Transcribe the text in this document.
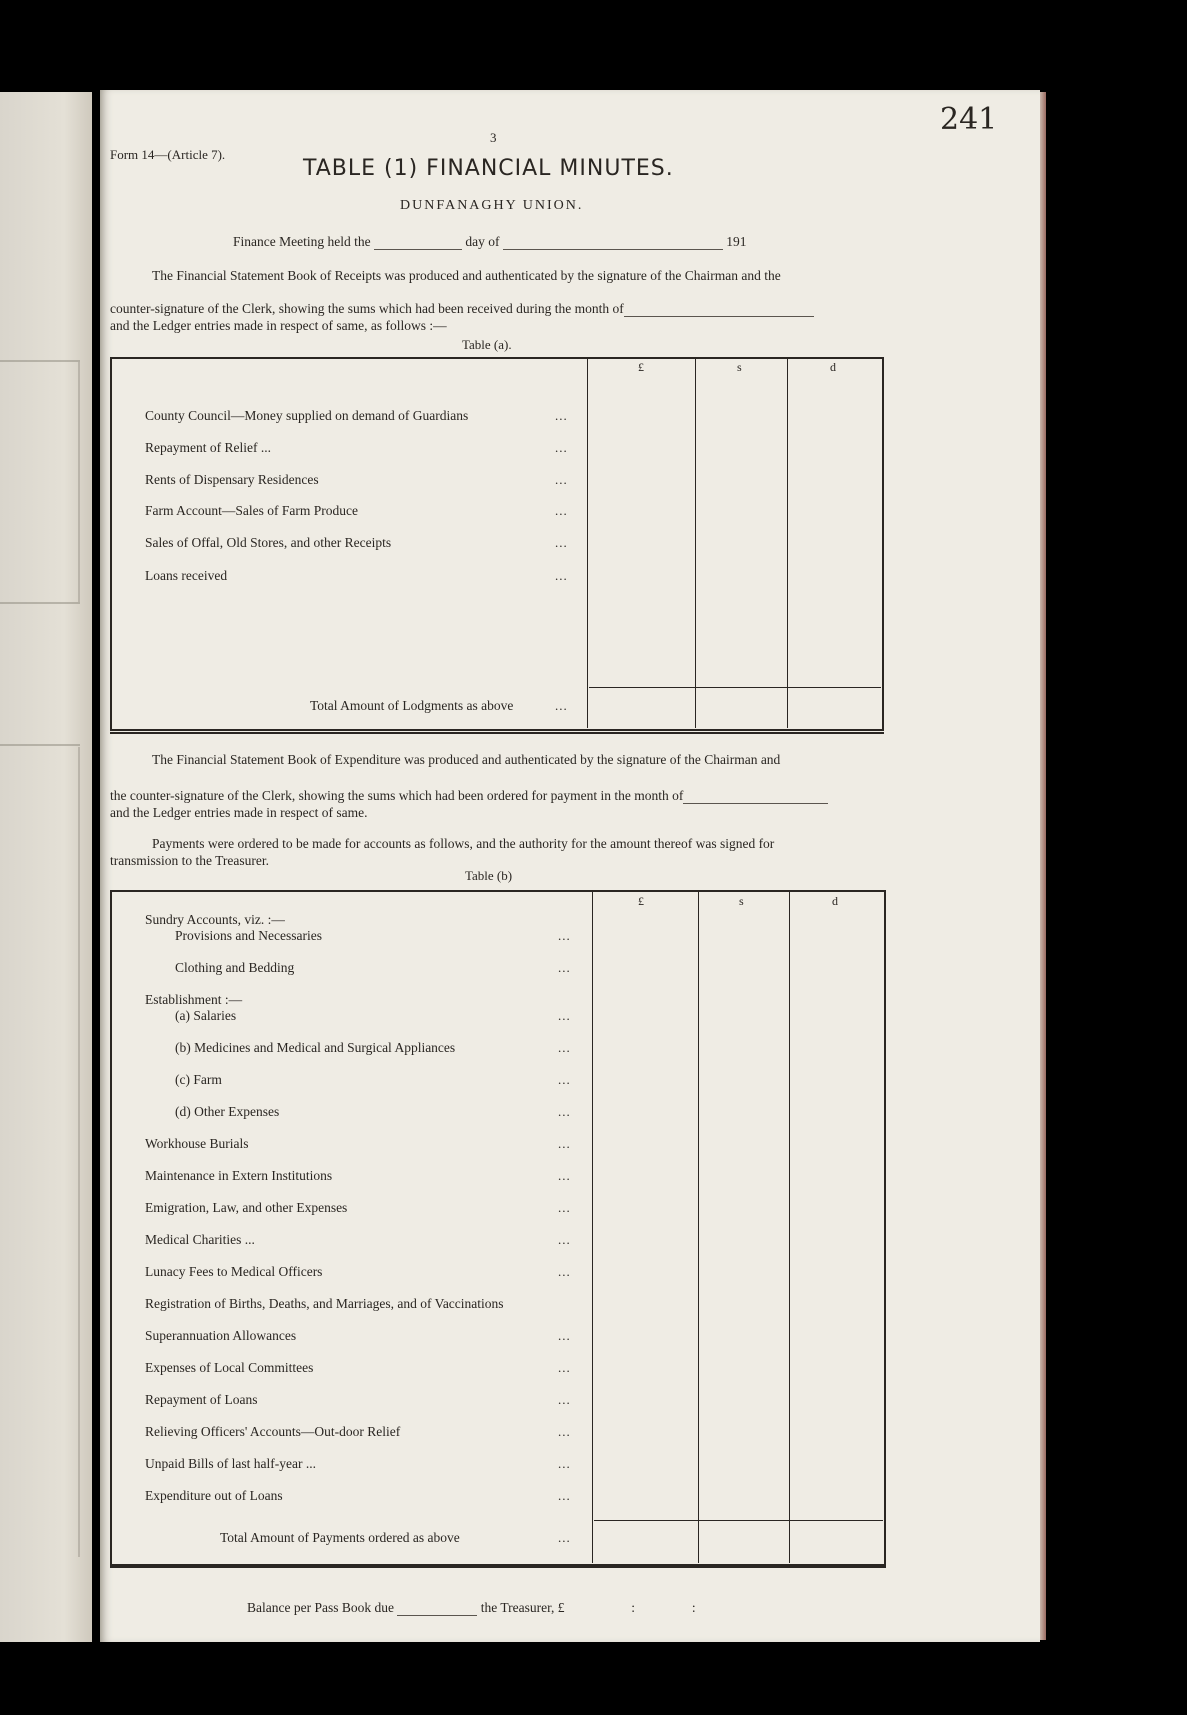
241
3
Form 14—(Article 7).
TABLE (1) FINANCIAL MINUTES.
DUNFANAGHY UNION.
Finance Meeting held the	day of	191
The Financial Statement Book of Receipts was produced and authenticated by the signature of the Chairman and the
counter-signature of the Clerk, showing the sums which had been received during the month of
and the Ledger entries made in respect of same, as follows :—
Table (a).
£	s	d
County Council—Money supplied on demand of Guardians	...
Repayment of Relief ...	...
Rents of Dispensary Residences	...
Farm Account—Sales of Farm Produce	...
Sales of Offal, Old Stores, and other Receipts	...
Loans received	...
Total Amount of Lodgments as above	...
The Financial Statement Book of Expenditure was produced and authenticated by the signature of the Chairman and
the counter-signature of the Clerk, showing the sums which had been ordered for payment in the month of
and the Ledger entries made in respect of same.
Payments were ordered to be made for accounts as follows, and the authority for the amount thereof was signed for
transmission to the Treasurer.
Table (b)
£	s	d
Sundry Accounts, viz. :—
Provisions and Necessaries	...
Clothing and Bedding	...
Establishment :—
(a) Salaries	...
(b) Medicines and Medical and Surgical Appliances	...
(c) Farm	...
(d) Other Expenses	...
Workhouse Burials	...
Maintenance in Extern Institutions	...
Emigration, Law, and other Expenses	...
Medical Charities ...	...
Lunacy Fees to Medical Officers	...
Registration of Births, Deaths, and Marriages, and of Vaccinations
Superannuation Allowances	...
Expenses of Local Committees	...
Repayment of Loans	...
Relieving Officers' Accounts—Out-door Relief	...
Unpaid Bills of last half-year ...	...
Expenditure out of Loans	...
Total Amount of Payments ordered as above	...
Balance per Pass Book due	the Treasurer, £	:	:
